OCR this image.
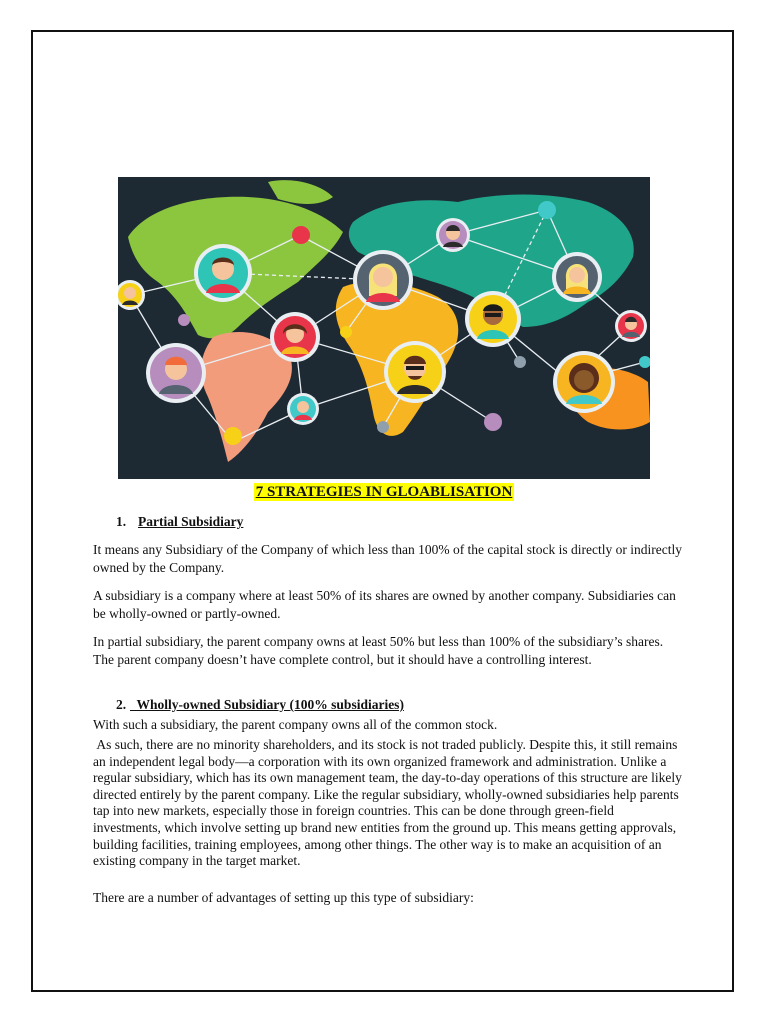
7 STRATEGIES IN GLOABLISATION
1. Partial Subsidiary

It means any Subsidiary of the Company of which less than 100% of the capital stock is directly or indirectly owned by the Company.

A subsidiary is a company where at least 50% of its shares are owned by another company. Subsidiaries can be wholly-owned or partly-owned.

In partial subsidiary, the parent company owns at least 50% but less than 100% of the subsidiary’s shares. The parent company doesn’t have complete control, but it should have a controlling interest.

2.  Wholly-owned Subsidiary (100% subsidiaries)

With such a subsidiary, the parent company owns all of the common stock.

As such, there are no minority shareholders, and its stock is not traded publicly. Despite this, it still remains an independent legal body—a corporation with its own organized framework and administration. Unlike a regular subsidiary, which has its own management team, the day-to-day operations of this structure are likely directed entirely by the parent company. Like the regular subsidiary, wholly-owned subsidiaries help parents tap into new markets, especially those in foreign countries. This can be done through green-field investments, which involve setting up brand new entities from the ground up. This means getting approvals, building facilities, training employees, among other things. The other way is to make an acquisition of an existing company in the target market.

There are a number of advantages of setting up this type of subsidiary:
